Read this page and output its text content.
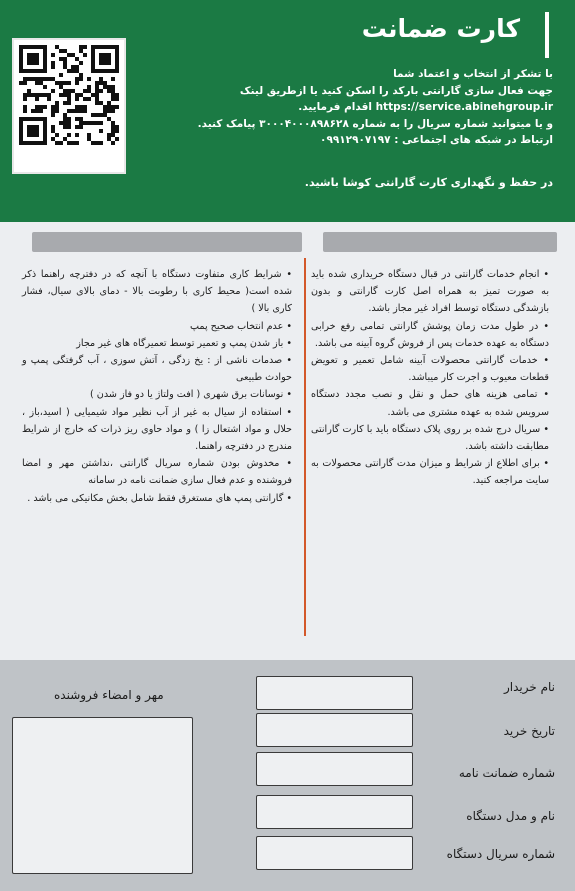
کارت ضمانت
با تشکر از انتخاب و اعتماد شما
جهت فعال سازی گارانتی بارکد را اسکن کنید یا ازطریق لینک
https://service.abinehgroup.ir اقدام فرمایید.
و یا میتوانید شماره سریال را به شماره ۳۰۰۰۴۰۰۰۸۹۸۶۲۸ پیامک کنید.
ارتباط در شبکه های اجتماعی : ۰۹۹۱۲۹۰۷۱۹۷
در حفظ و نگهداری کارت گارانتی کوشا باشید.

• انجام خدمات گارانتی در قبال دستگاه خریداری شده باید به صورت تمیز به همراه اصل کارت گارانتی و بدون بازشدگی دستگاه توسط افراد غیر مجاز باشد.

• در طول مدت زمان پوشش گارانتی تمامی رفع خرابی دستگاه به عهده خدمات پس از فروش گروه آبینه می باشد.

• خدمات گارانتی محصولات آبینه شامل تعمیر و تعویض قطعات معیوب و اجرت کار میباشد.

• تمامی هزینه های حمل و نقل و نصب مجدد دستگاه سرویس شده به عهده مشتری می باشد.

• سریال درج شده بر روی پلاک دستگاه باید با کارت گارانتی مطابقت داشته باشد.

• برای اطلاع از شرایط و میزان مدت گارانتی محصولات به سایت مراجعه کنید.

• شرایط کاری متفاوت دستگاه با آنچه که در دفترچه راهنما ذکر شده است( محیط کاری با رطوبت بالا - دمای بالای سیال، فشار کاری بالا )

• عدم انتخاب صحیح پمپ

• باز شدن پمپ و تعمیر توسط تعمیرگاه های غیر مجاز

• صدمات ناشی از : یخ زدگی ، آتش سوزی ، آب گرفتگی پمپ و حوادث طبیعی

• نوسانات برق شهری ( افت ولتاژ یا دو فاز شدن )

• استفاده از سیال به غیر از آب نظیر مواد شیمیایی ( اسید،باز ، حلال و مواد اشتعال زا ) و مواد حاوی ریز ذرات که خارج از شرایط مندرج در دفترچه راهنما.

• مخدوش بودن شماره سریال گارانتی ،نداشتن مهر و امضا فروشنده و عدم فعال سازی ضمانت نامه در سامانه

• گارانتی پمپ های مستغرق فقط شامل بخش مکانیکی می باشد .

نام خریدار
تاریخ خرید
شماره ضمانت نامه
نام و مدل دستگاه
شماره سریال دستگاه
مهر و امضاء فروشنده
